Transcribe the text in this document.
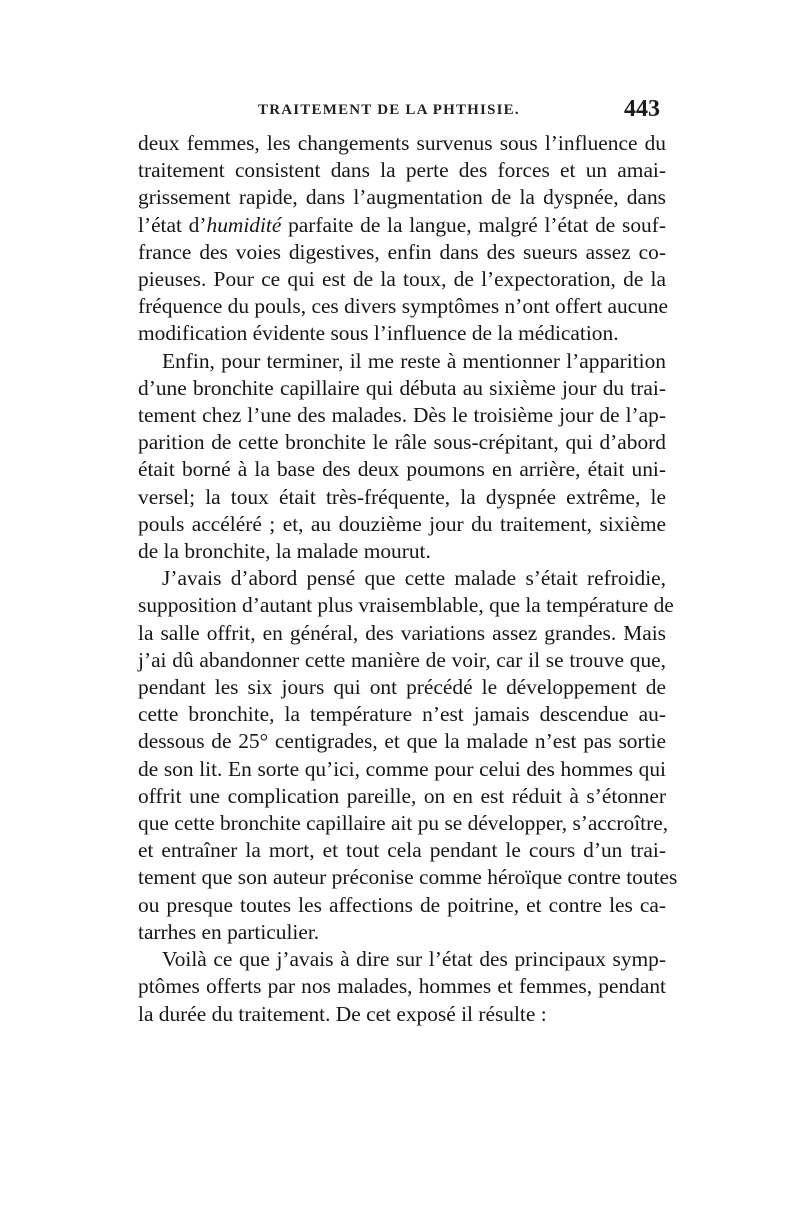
TRAITEMENT DE LA PHTHISIE.	443

deux femmes, les changements survenus sous l’influence du
traitement consistent dans la perte des forces et un amai-
grissement rapide, dans l’augmentation de la dyspnée, dans
l’état d’humidité parfaite de la langue, malgré l’état de souf-
france des voies digestives, enfin dans des sueurs assez co-
pieuses. Pour ce qui est de la toux, de l’expectoration, de la
fréquence du pouls, ces divers symptômes n’ont offert aucune
modification évidente sous l’influence de la médication.

Enfin, pour terminer, il me reste à mentionner l’apparition
d’une bronchite capillaire qui débuta au sixième jour du trai-
tement chez l’une des malades. Dès le troisième jour de l’ap-
parition de cette bronchite le râle sous-crépitant, qui d’abord
était borné à la base des deux poumons en arrière, était uni-
versel; la toux était très-fréquente, la dyspnée extrême, le
pouls accéléré ; et, au douzième jour du traitement, sixième
de la bronchite, la malade mourut.

J’avais d’abord pensé que cette malade s’était refroidie,
supposition d’autant plus vraisemblable, que la température de
la salle offrit, en général, des variations assez grandes. Mais
j’ai dû abandonner cette manière de voir, car il se trouve que,
pendant les six jours qui ont précédé le développement de
cette bronchite, la température n’est jamais descendue au-
dessous de 25° centigrades, et que la malade n’est pas sortie
de son lit. En sorte qu’ici, comme pour celui des hommes qui
offrit une complication pareille, on en est réduit à s’étonner
que cette bronchite capillaire ait pu se développer, s’accroître,
et entraîner la mort, et tout cela pendant le cours d’un trai-
tement que son auteur préconise comme héroïque contre toutes
ou presque toutes les affections de poitrine, et contre les ca-
tarrhes en particulier.

Voilà ce que j’avais à dire sur l’état des principaux symp-
ptômes offerts par nos malades, hommes et femmes, pendant
la durée du traitement. De cet exposé il résulte :
